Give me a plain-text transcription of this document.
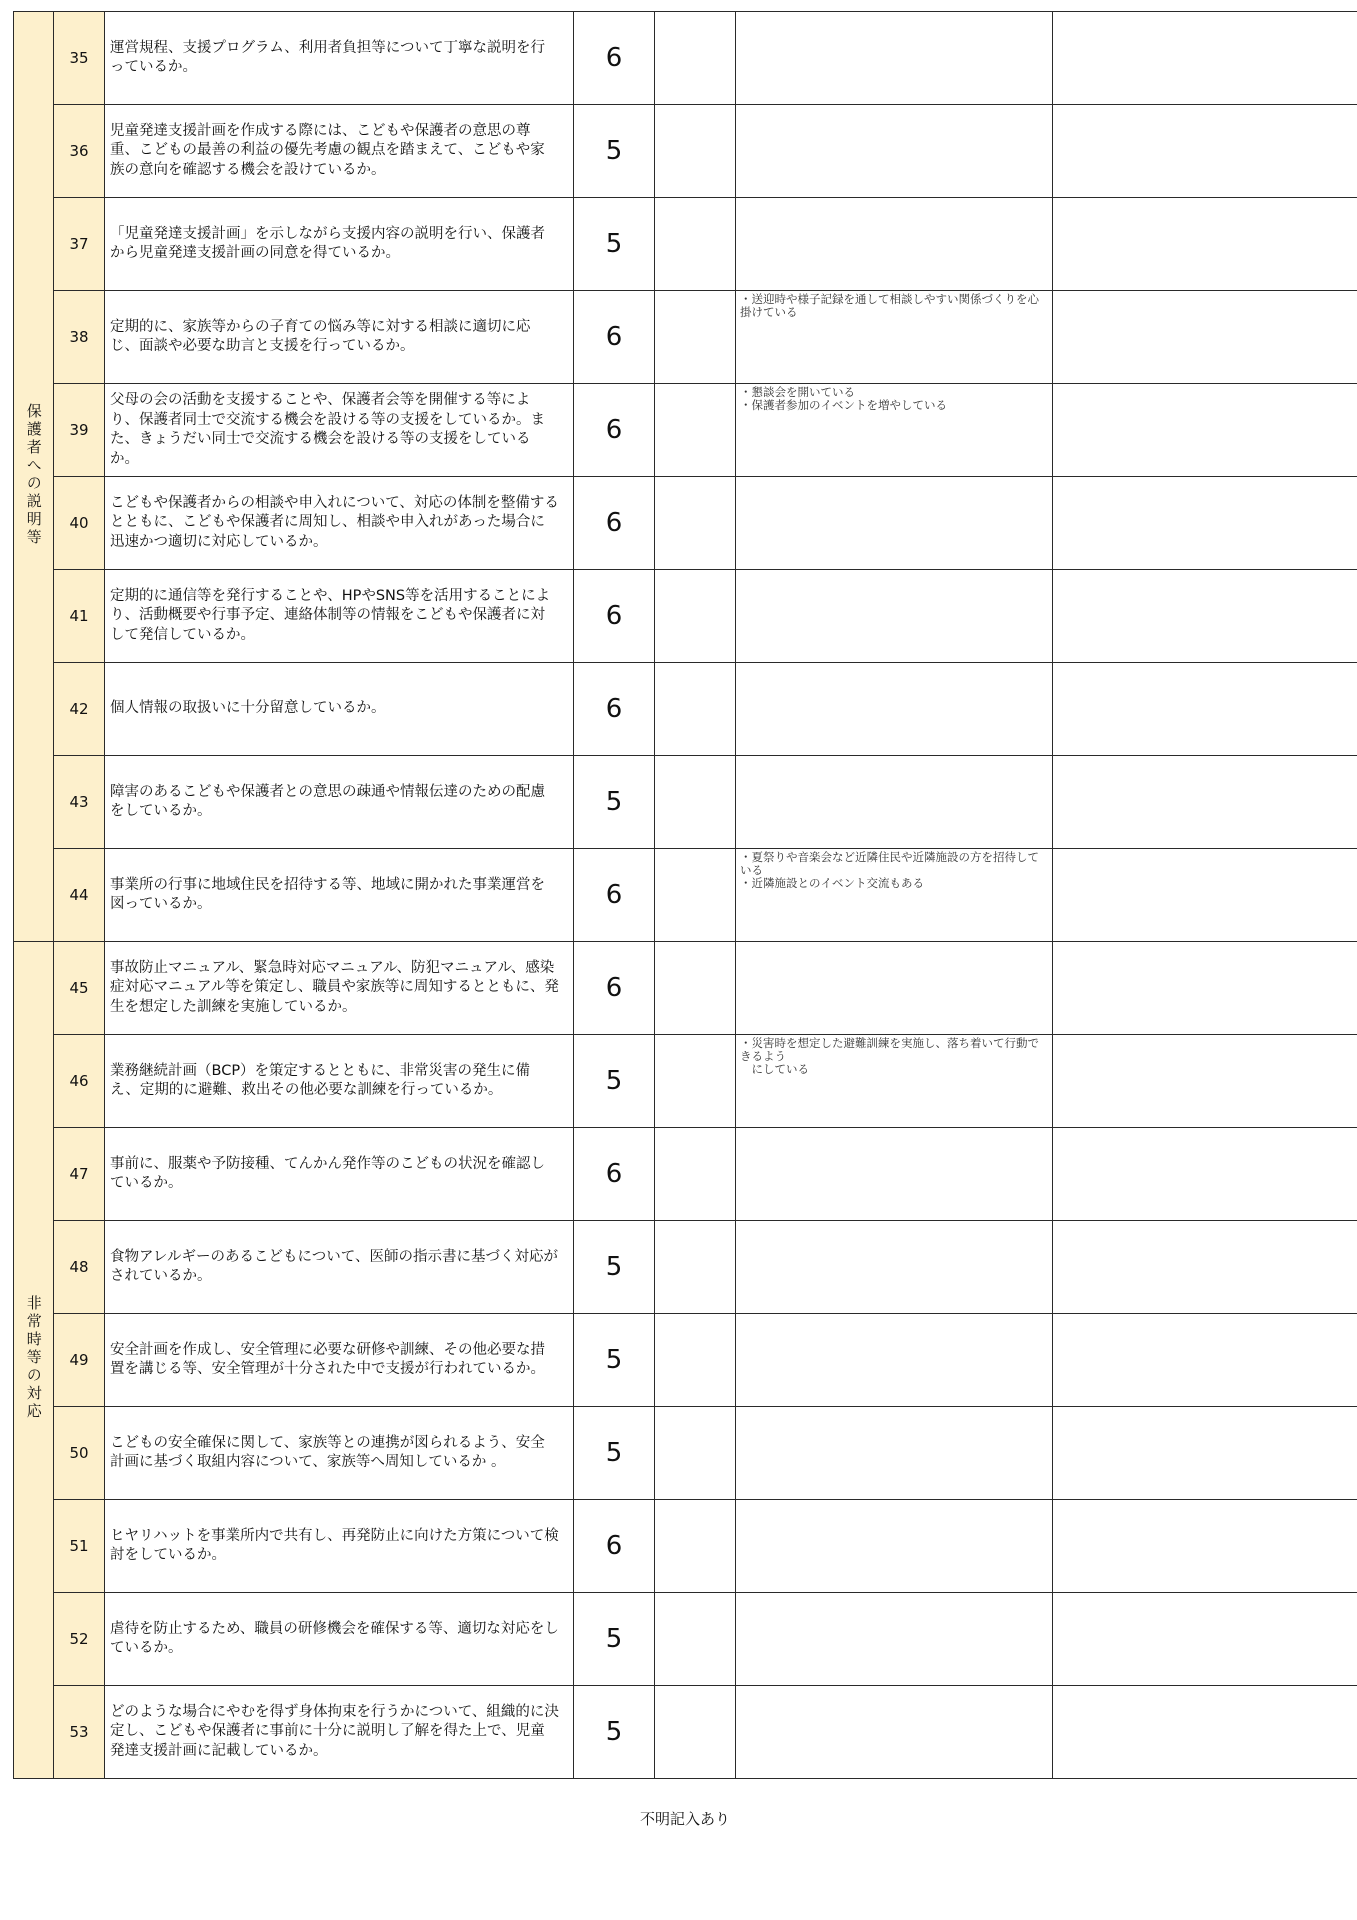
保護者への説明等	35	運営規程、支援プログラム、利用者負担等について丁寧な説明を行っているか。	6			
	36	児童発達支援計画を作成する際には、こどもや保護者の意思の尊重、こどもの最善の利益の優先考慮の観点を踏まえて、こどもや家族の意向を確認する機会を設けているか。	5			
	37	「児童発達支援計画」を示しながら支援内容の説明を行い、保護者から児童発達支援計画の同意を得ているか。	5			
	38	定期的に、家族等からの子育ての悩み等に対する相談に適切に応じ、面談や必要な助言と支援を行っているか。	6		・送迎時や様子記録を通して相談しやすい関係づくりを心掛けている	
	39	父母の会の活動を支援することや、保護者会等を開催する等により、保護者同士で交流する機会を設ける等の支援をしているか。また、きょうだい同士で交流する機会を設ける等の支援をしているか。	6		・懇談会を開いている
・保護者参加のイベントを増やしている	
	40	こどもや保護者からの相談や申入れについて、対応の体制を整備するとともに、こどもや保護者に周知し、相談や申入れがあった場合に迅速かつ適切に対応しているか。	6			
	41	定期的に通信等を発行することや、HPやSNS等を活用することにより、活動概要や行事予定、連絡体制等の情報をこどもや保護者に対して発信しているか。	6			
	42	個人情報の取扱いに十分留意しているか。	6			
	43	障害のあるこどもや保護者との意思の疎通や情報伝達のための配慮をしているか。	5			
	44	事業所の行事に地域住民を招待する等、地域に開かれた事業運営を図っているか。	6		・夏祭りや音楽会など近隣住民や近隣施設の方を招待している
・近隣施設とのイベント交流もある	
非常時等の対応	45	事故防止マニュアル、緊急時対応マニュアル、防犯マニュアル、感染症対応マニュアル等を策定し、職員や家族等に周知するとともに、発生を想定した訓練を実施しているか。	6			
	46	業務継続計画（BCP）を策定するとともに、非常災害の発生に備え、定期的に避難、救出その他必要な訓練を行っているか。	5		・災害時を想定した避難訓練を実施し、落ち着いて行動できるよう
　にしている	
	47	事前に、服薬や予防接種、てんかん発作等のこどもの状況を確認しているか。	6			
	48	食物アレルギーのあるこどもについて、医師の指示書に基づく対応がされているか。	5			
	49	安全計画を作成し、安全管理に必要な研修や訓練、その他必要な措置を講じる等、安全管理が十分された中で支援が行われているか。	5			
	50	こどもの安全確保に関して、家族等との連携が図られるよう、安全計画に基づく取組内容について、家族等へ周知しているか 。	5			
	51	ヒヤリハットを事業所内で共有し、再発防止に向けた方策について検討をしているか。	6			
	52	虐待を防止するため、職員の研修機会を確保する等、適切な対応をしているか。	5			
	53	どのような場合にやむを得ず身体拘束を行うかについて、組織的に決定し、こどもや保護者に事前に十分に説明し了解を得た上で、児童発達支援計画に記載しているか。	5			
不明記入あり
